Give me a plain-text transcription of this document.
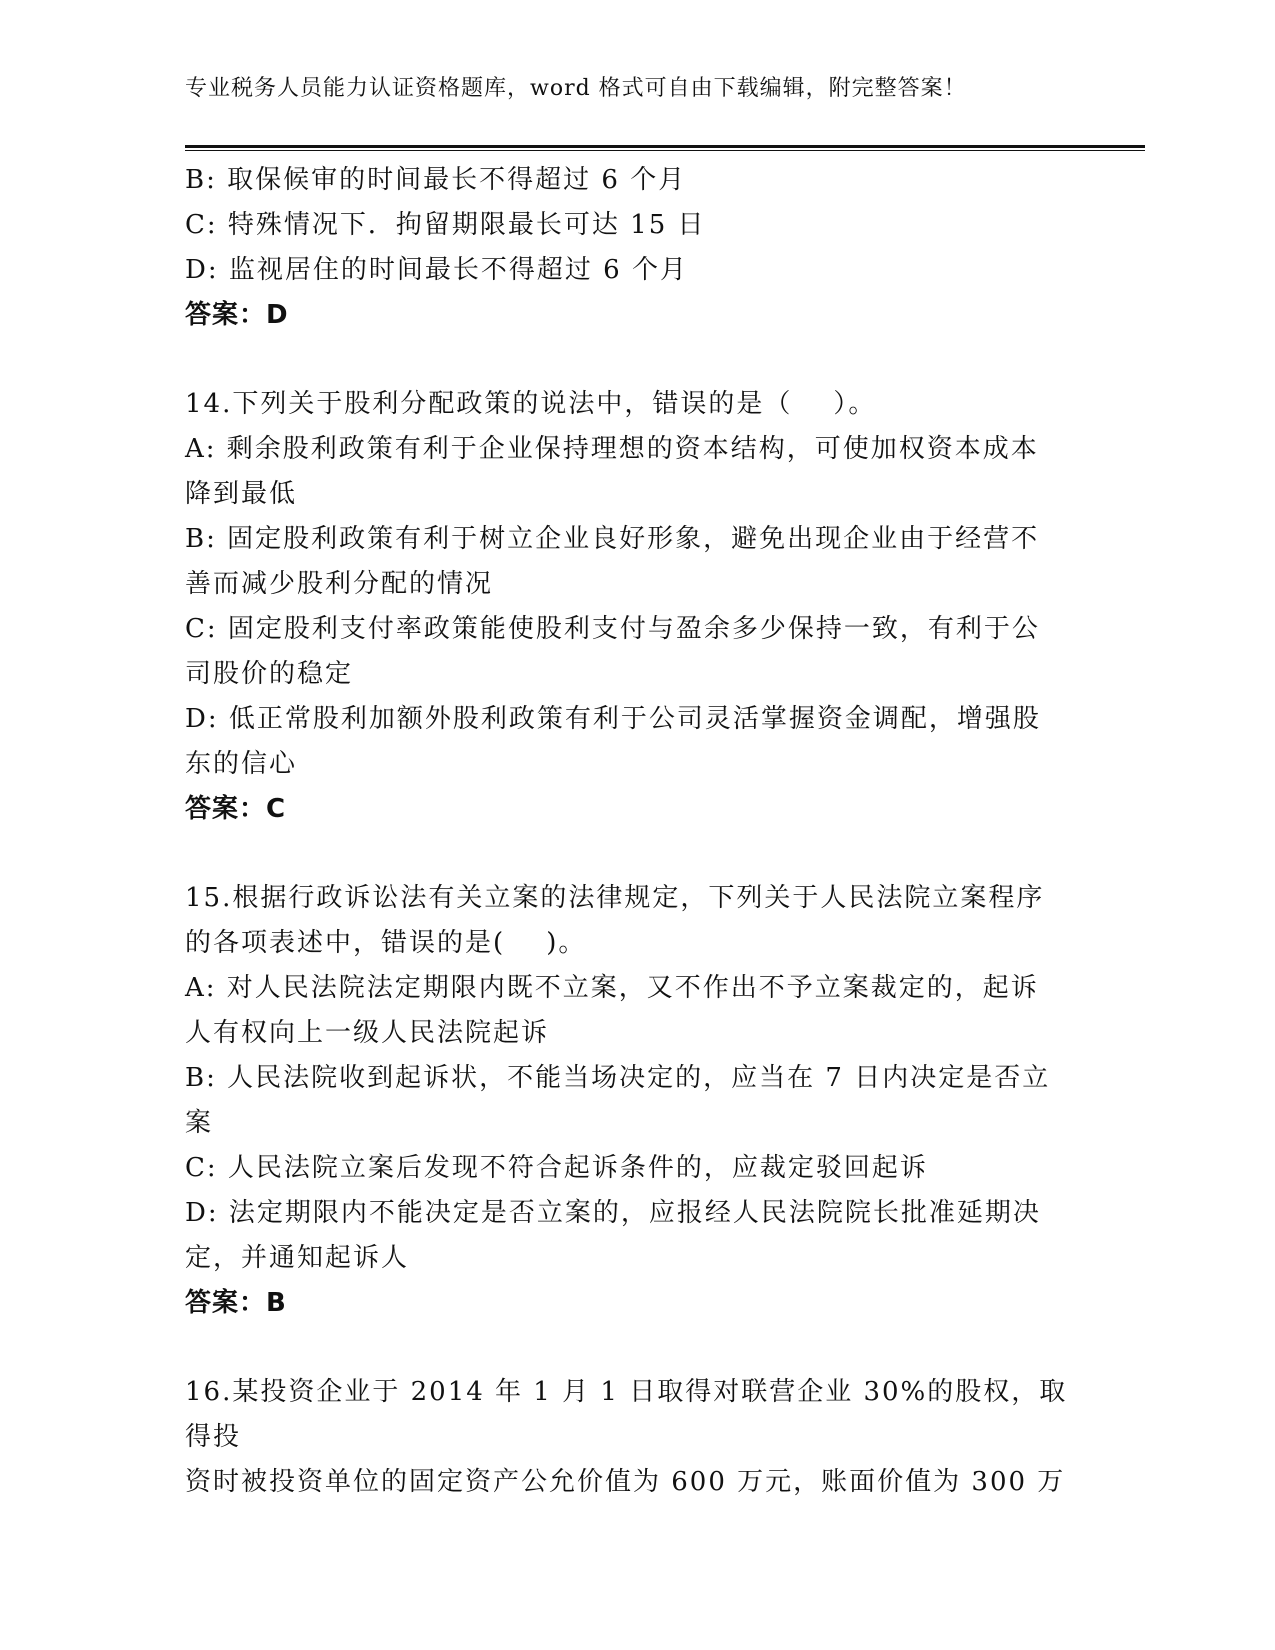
专业税务人员能力认证资格题库，word 格式可自由下载编辑，附完整答案！
B: 取保候审的时间最长不得超过 6 个月
C: 特殊情况下．拘留期限最长可达 15 日
D: 监视居住的时间最长不得超过 6 个月
答案：D
14.下列关于股利分配政策的说法中，错误的是（    ）。
A: 剩余股利政策有利于企业保持理想的资本结构，可使加权资本成本
降到最低
B: 固定股利政策有利于树立企业良好形象，避免出现企业由于经营不
善而减少股利分配的情况
C: 固定股利支付率政策能使股利支付与盈余多少保持一致，有利于公
司股价的稳定
D: 低正常股利加额外股利政策有利于公司灵活掌握资金调配，增强股
东的信心
答案：C
15.根据行政诉讼法有关立案的法律规定，下列关于人民法院立案程序
的各项表述中，错误的是(    )。
A: 对人民法院法定期限内既不立案，又不作出不予立案裁定的，起诉
人有权向上一级人民法院起诉
B: 人民法院收到起诉状，不能当场决定的，应当在 7 日内决定是否立
案
C: 人民法院立案后发现不符合起诉条件的，应裁定驳回起诉
D: 法定期限内不能决定是否立案的，应报经人民法院院长批准延期决
定，并通知起诉人
答案：B
16.某投资企业于 2014 年 1 月 1 日取得对联营企业 30%的股权，取得投
资时被投资单位的固定资产公允价值为 600 万元，账面价值为 300 万
